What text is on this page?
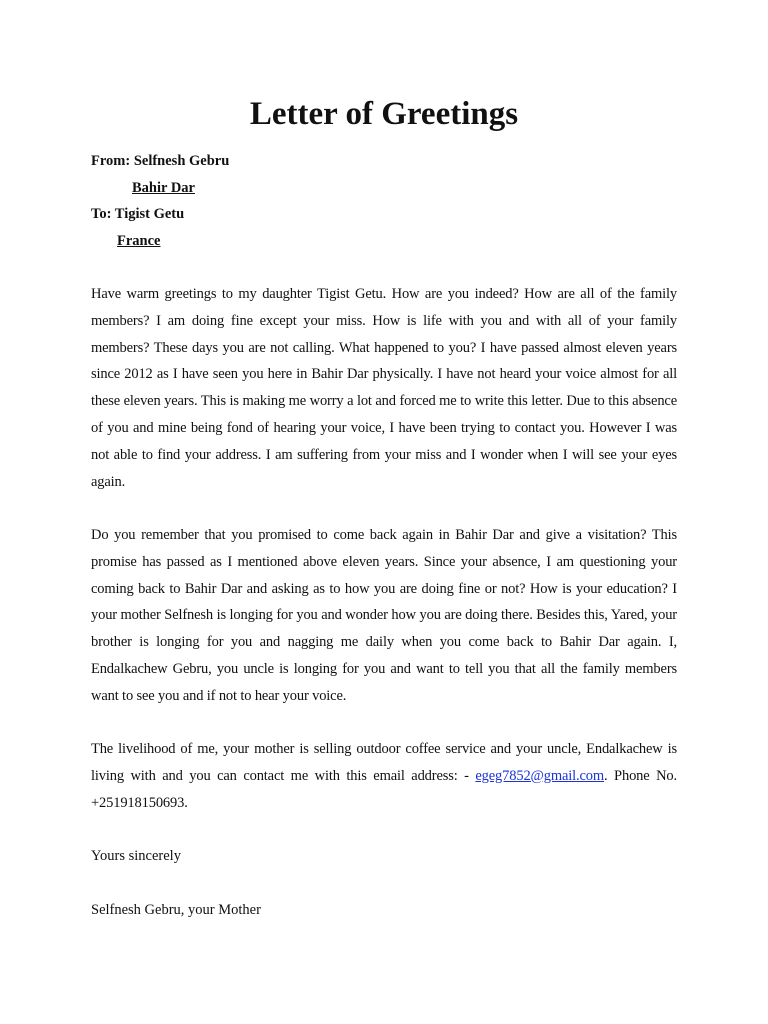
Letter of Greetings
From: Selfnesh Gebru
Bahir Dar
To: Tigist Getu
France
Have warm greetings to my daughter Tigist Getu. How are you indeed? How are all of the family members? I am doing fine except your miss. How is life with you and with all of your family members? These days you are not calling. What happened to you? I have passed almost eleven years since 2012 as I have seen you here in Bahir Dar physically. I have not heard your voice almost for all these eleven years. This is making me worry a lot and forced me to write this letter. Due to this absence of you and mine being fond of hearing your voice, I have been trying to contact you. However I was not able to find your address. I am suffering from your miss and I wonder when I will see your eyes again.
Do you remember that you promised to come back again in Bahir Dar and give a visitation? This promise has passed as I mentioned above eleven years. Since your absence, I am questioning your coming back to Bahir Dar and asking as to how you are doing fine or not? How is your education? I your mother Selfnesh is longing for you and wonder how you are doing there. Besides this, Yared, your brother is longing for you and nagging me daily when you come back to Bahir Dar again. I, Endalkachew Gebru, you uncle is longing for you and want to tell you that all the family members want to see you and if not to hear your voice.
The livelihood of me, your mother is selling outdoor coffee service and your uncle, Endalkachew is living with and you can contact me with this email address: - egeg7852@gmail.com. Phone No. +251918150693.
Yours sincerely
Selfnesh Gebru, your Mother
